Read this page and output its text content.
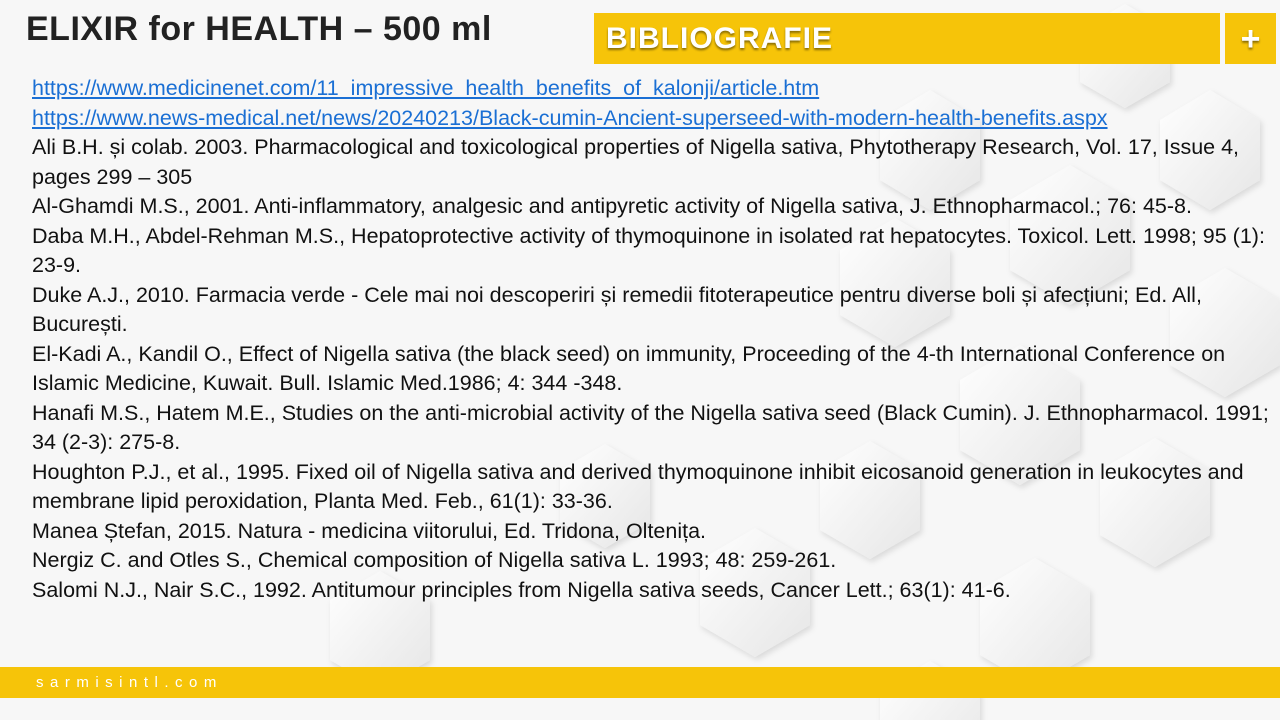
ELIXIR for HEALTH – 500 ml	BIBLIOGRAFIE	+
https://www.medicinenet.com/11_impressive_health_benefits_of_kalonji/article.htm
https://www.news-medical.net/news/20240213/Black-cumin-Ancient-superseed-with-modern-health-benefits.aspx
Ali B.H. și colab. 2003. Pharmacological and toxicological properties of Nigella sativa, Phytotherapy Research, Vol. 17, Issue 4, pages 299 – 305
Al-Ghamdi M.S., 2001. Anti-inflammatory, analgesic and antipyretic activity of Nigella sativa, J. Ethnopharmacol.; 76: 45-8.
Daba M.H., Abdel-Rehman M.S., Hepatoprotective activity of thymoquinone in isolated rat hepatocytes. Toxicol. Lett. 1998; 95 (1): 23-9.
Duke A.J., 2010. Farmacia verde - Cele mai noi descoperiri și remedii fitoterapeutice pentru diverse boli și afecțiuni; Ed. All, București.
El-Kadi A., Kandil O., Effect of Nigella sativa (the black seed) on immunity, Proceeding of the 4-th International Conference on Islamic Medicine, Kuwait. Bull. Islamic Med.1986; 4: 344 -348.
Hanafi M.S., Hatem M.E., Studies on the anti-microbial activity of the Nigella sativa seed (Black Cumin). J. Ethnopharmacol. 1991; 34 (2-3): 275-8.
Houghton P.J., et al., 1995. Fixed oil of Nigella sativa and derived thymoquinone inhibit eicosanoid generation in leukocytes and membrane lipid peroxidation, Planta Med. Feb., 61(1): 33-36.
Manea Ștefan, 2015. Natura - medicina viitorului, Ed. Tridona, Oltenița.
Nergiz C. and Otles S., Chemical composition of Nigella sativa L. 1993; 48: 259-261.
Salomi N.J., Nair S.C., 1992. Antitumour principles from Nigella sativa seeds, Cancer Lett.; 63(1): 41-6.
sarmisintl.com
